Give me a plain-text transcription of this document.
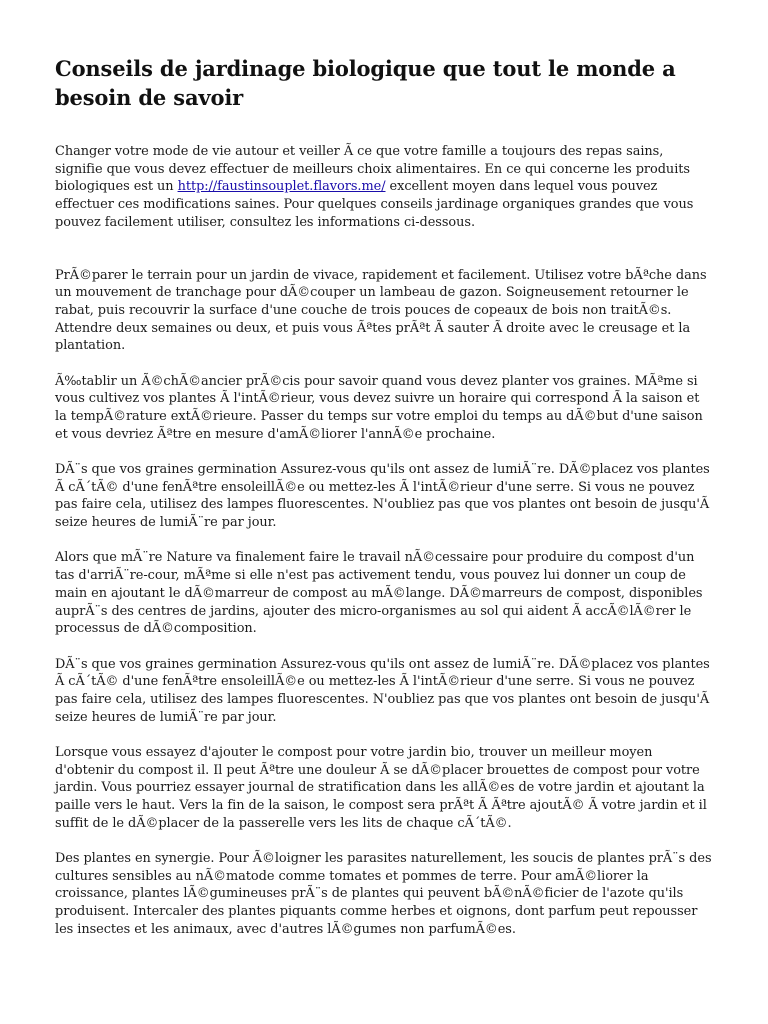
Conseils de jardinage biologique que tout le monde a besoin de savoir

Changer votre mode de vie autour et veiller Ã ce que votre famille a toujours des repas sains, signifie que vous devez effectuer de meilleurs choix alimentaires. En ce qui concerne les produits biologiques est un http://faustinsouplet.flavors.me/ excellent moyen dans lequel vous pouvez effectuer ces modifications saines. Pour quelques conseils jardinage organiques grandes que vous pouvez facilement utiliser, consultez les informations ci-dessous.

PrÃ©parer le terrain pour un jardin de vivace, rapidement et facilement. Utilisez votre bÃªche dans un mouvement de tranchage pour dÃ©couper un lambeau de gazon. Soigneusement retourner le rabat, puis recouvrir la surface d'une couche de trois pouces de copeaux de bois non traitÃ©s. Attendre deux semaines ou deux, et puis vous Ãªtes prÃªt Ã sauter Ã droite avec le creusage et la plantation.

Ã‰tablir un Ã©chÃ©ancier prÃ©cis pour savoir quand vous devez planter vos graines. MÃªme si vous cultivez vos plantes Ã l'intÃ©rieur, vous devez suivre un horaire qui correspond Ã la saison et la tempÃ©rature extÃ©rieure. Passer du temps sur votre emploi du temps au dÃ©but d'une saison et vous devriez Ãªtre en mesure d'amÃ©liorer l'annÃ©e prochaine.

DÃ¨s que vos graines germination Assurez-vous qu'ils ont assez de lumiÃ¨re. DÃ©placez vos plantes Ã cÃ´tÃ© d'une fenÃªtre ensoleillÃ©e ou mettez-les Ã l'intÃ©rieur d'une serre. Si vous ne pouvez pas faire cela, utilisez des lampes fluorescentes. N'oubliez pas que vos plantes ont besoin de jusqu'Ã seize heures de lumiÃ¨re par jour.

Alors que mÃ¨re Nature va finalement faire le travail nÃ©cessaire pour produire du compost d'un tas d'arriÃ¨re-cour, mÃªme si elle n'est pas activement tendu, vous pouvez lui donner un coup de main en ajoutant le dÃ©marreur de compost au mÃ©lange. DÃ©marreurs de compost, disponibles auprÃ¨s des centres de jardins, ajouter des micro-organismes au sol qui aident Ã accÃ©lÃ©rer le processus de dÃ©composition.

DÃ¨s que vos graines germination Assurez-vous qu'ils ont assez de lumiÃ¨re. DÃ©placez vos plantes Ã cÃ´tÃ© d'une fenÃªtre ensoleillÃ©e ou mettez-les Ã l'intÃ©rieur d'une serre. Si vous ne pouvez pas faire cela, utilisez des lampes fluorescentes. N'oubliez pas que vos plantes ont besoin de jusqu'Ã seize heures de lumiÃ¨re par jour.

Lorsque vous essayez d'ajouter le compost pour votre jardin bio, trouver un meilleur moyen d'obtenir du compost il. Il peut Ãªtre une douleur Ã se dÃ©placer brouettes de compost pour votre jardin. Vous pourriez essayer journal de stratification dans les allÃ©es de votre jardin et ajoutant la paille vers le haut. Vers la fin de la saison, le compost sera prÃªt Ã Ãªtre ajoutÃ© Ã votre jardin et il suffit de le dÃ©placer de la passerelle vers les lits de chaque cÃ´tÃ©.

Des plantes en synergie. Pour Ã©loigner les parasites naturellement, les soucis de plantes prÃ¨s des cultures sensibles au nÃ©matode comme tomates et pommes de terre. Pour amÃ©liorer la croissance, plantes lÃ©gumineuses prÃ¨s de plantes qui peuvent bÃ©nÃ©ficier de l'azote qu'ils produisent. Intercaler des plantes piquants comme herbes et oignons, dont parfum peut repousser les insectes et les animaux, avec d'autres lÃ©gumes non parfumÃ©es.
